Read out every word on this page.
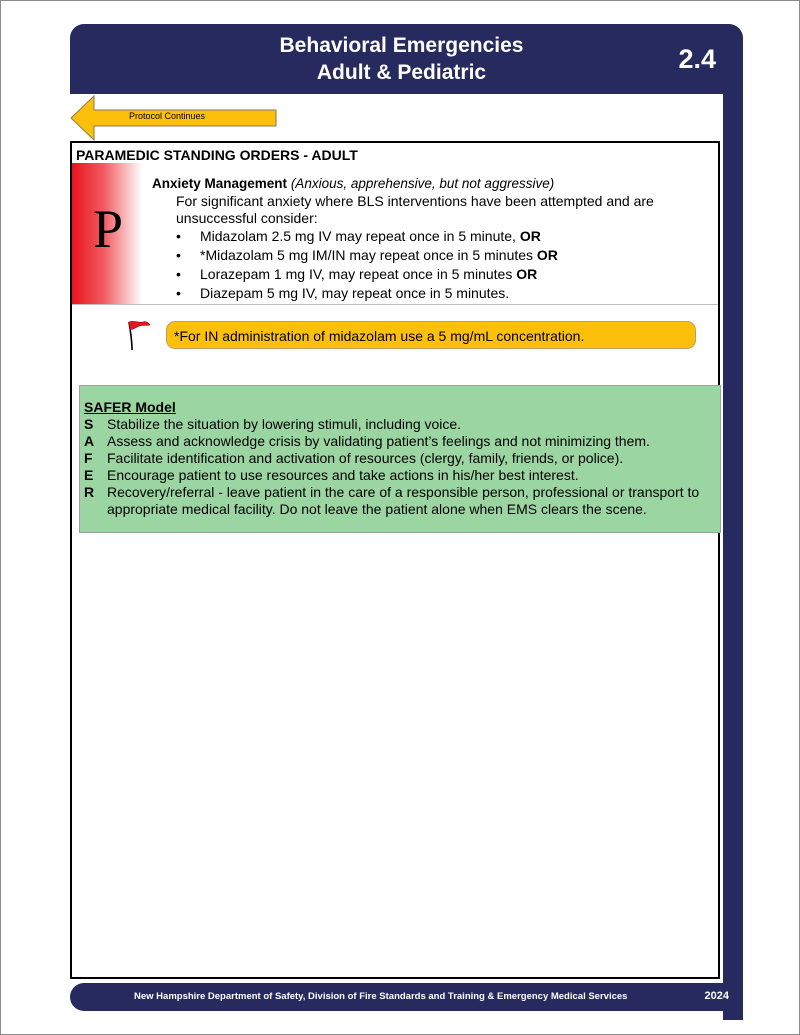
Medical Protocol  2.4
Behavioral Emergencies
Adult & Pediatric	2.4
Protocol Continues
PARAMEDIC STANDING ORDERS - ADULT
P
Anxiety Management (Anxious, apprehensive, but not aggressive)
For significant anxiety where BLS interventions have been attempted and are unsuccessful consider:
• Midazolam 2.5 mg IV may repeat once in 5 minute, OR
• *Midazolam 5 mg IM/IN may repeat once in 5 minutes OR
• Lorazepam 1 mg IV, may repeat once in 5 minutes OR
• Diazepam 5 mg IV, may repeat once in 5 minutes.
*For IN administration of midazolam use a 5 mg/mL concentration.
SAFER Model
S Stabilize the situation by lowering stimuli, including voice.
A Assess and acknowledge crisis by validating patient’s feelings and not minimizing them.
F Facilitate identification and activation of resources (clergy, family, friends, or police).
E Encourage patient to use resources and take actions in his/her best interest.
R Recovery/referral - leave patient in the care of a responsible person, professional or transport to
appropriate medical facility. Do not leave the patient alone when EMS clears the scene.
New Hampshire Department of Safety, Division of Fire Standards and Training & Emergency Medical Services	2024
